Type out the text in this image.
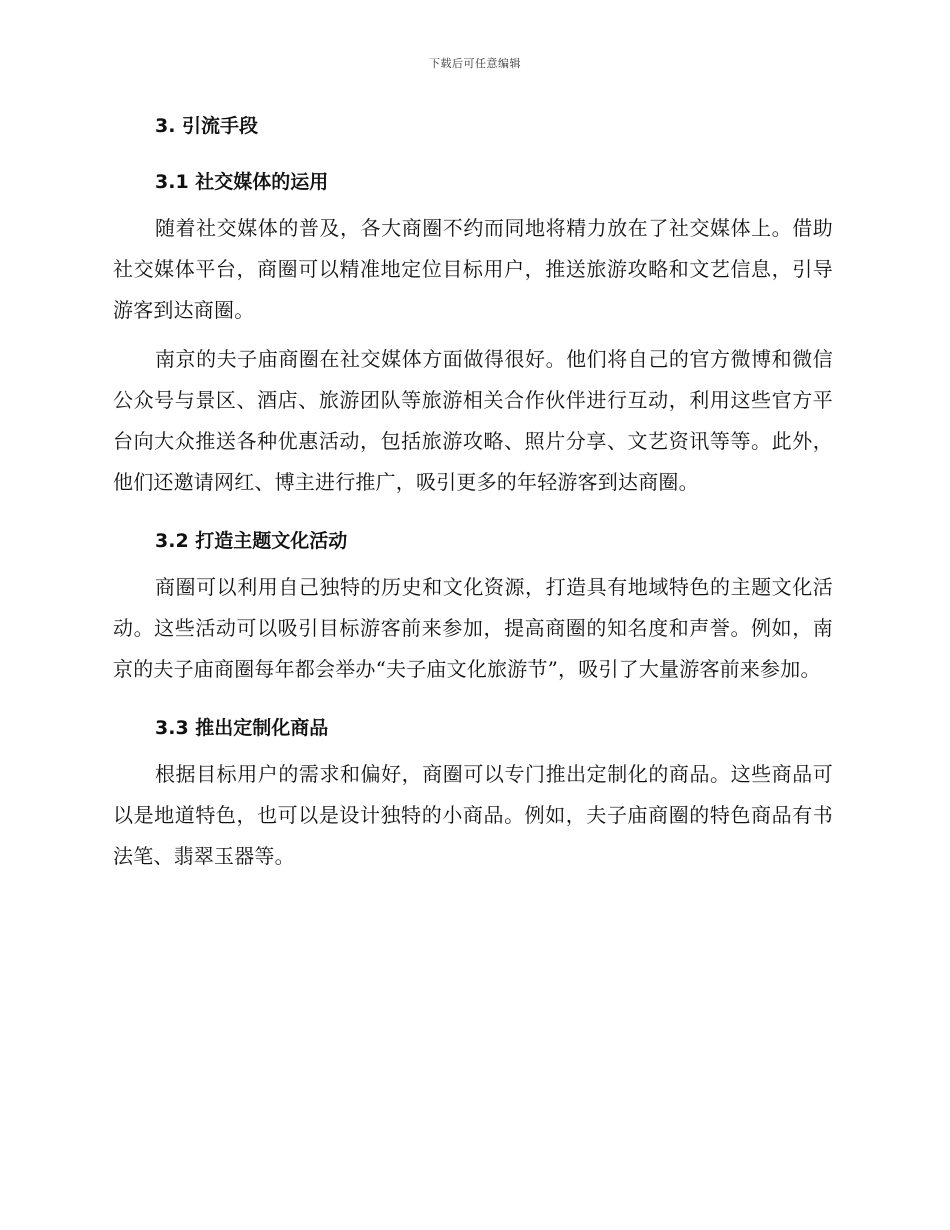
下载后可任意编辑
3. 引流手段
3.1 社交媒体的运用

随着社交媒体的普及，各大商圈不约而同地将精力放在了社交媒体上。借助社交媒体平台，商圈可以精准地定位目标用户，推送旅游攻略和文艺信息，引导游客到达商圈。

南京的夫子庙商圈在社交媒体方面做得很好。他们将自己的官方微博和微信公众号与景区、酒店、旅游团队等旅游相关合作伙伴进行互动，利用这些官方平台向大众推送各种优惠活动，包括旅游攻略、照片分享、文艺资讯等等。此外，他们还邀请网红、博主进行推广，吸引更多的年轻游客到达商圈。

3.2 打造主题文化活动

商圈可以利用自己独特的历史和文化资源，打造具有地域特色的主题文化活动。这些活动可以吸引目标游客前来参加，提高商圈的知名度和声誉。例如，南京的夫子庙商圈每年都会举办“夫子庙文化旅游节”，吸引了大量游客前来参加。

3.3 推出定制化商品

根据目标用户的需求和偏好，商圈可以专门推出定制化的商品。这些商品可以是地道特色，也可以是设计独特的小商品。例如，夫子庙商圈的特色商品有书法笔、翡翠玉器等。
